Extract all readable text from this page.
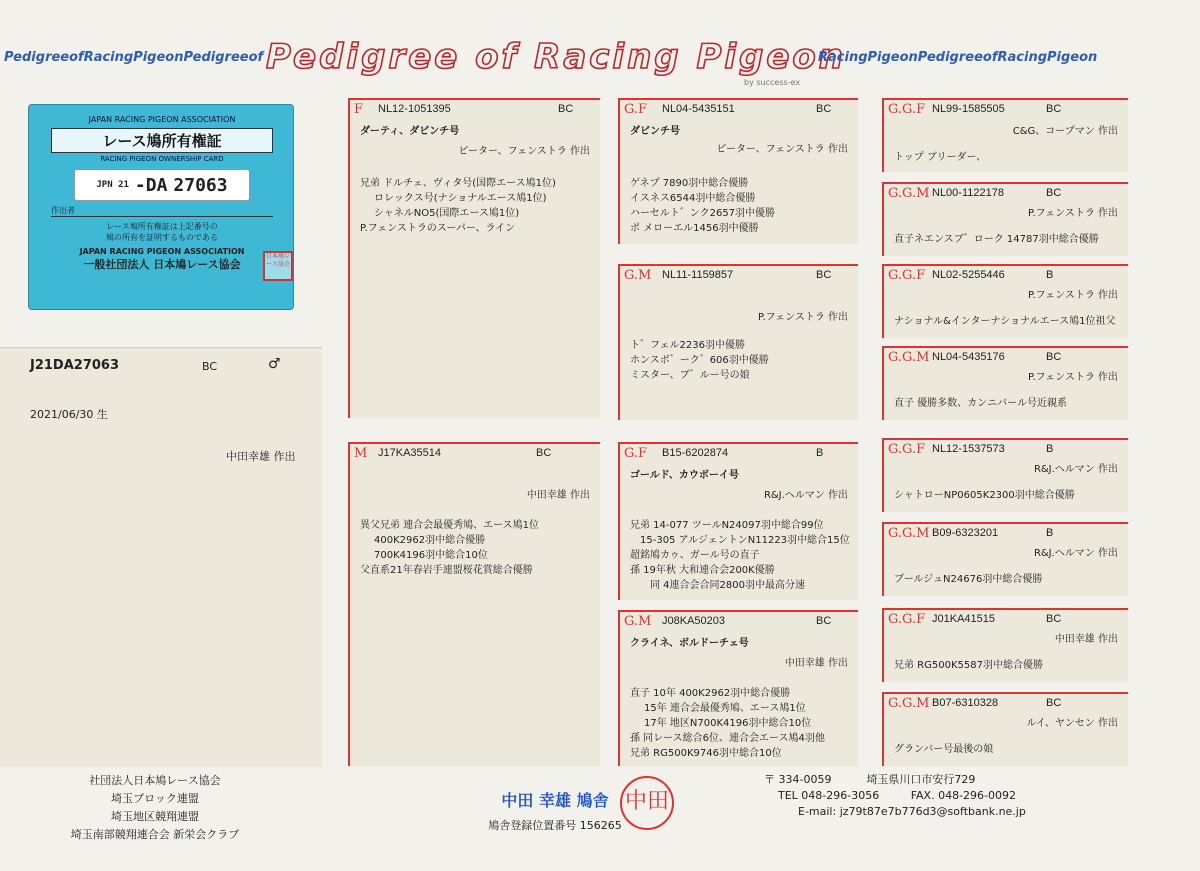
PedigreeofRacingPigeonPedigreeof Pedigree of Racing Pigeon
by success-ex
RacingPigeonPedigreeofRacingPigeon
JAPAN RACING PIGEON ASSOCIATION
レース鳩所有権証
RACING PIGEON OWNERSHIP CARD
JPN 21 -DA 27063
作出者
レース鳩所有権証は上記番号の
鳩の所有を証明するものである
JAPAN RACING PIGEON ASSOCIATION
一般社団法人 日本鳩レース協会
日本鳩レース協会
J21DA27063	BC	♂
2021/06/30 生
中田幸雄 作出
F NL12-1051395	BC
ダーティ、ダビンチ号
ピーター、フェンストラ 作出
兄弟 ドルチェ、ヴィタ号(国際エース鳩1位)
ロレックス号(ナショナルエース鳩1位)
シャネルNO5(国際エース鳩1位)
P.フェンストラのスーパー、ライン
M J17KA35514	BC
中田幸雄 作出
異父兄弟 連合会最優秀鳩、エース鳩1位
400K2962羽中総合優勝
700K4196羽中総合10位
父直系21年春岩手連盟桜花賞総合優勝
G.F NL04-5435151	BC
ダビンチ号
ピーター、フェンストラ 作出
ゲネプ 7890羽中総合優勝
イスネス6544羽中総合優勝
ハーセルト゛ンク2657羽中優勝
ポ メローエル1456羽中優勝
G.M NL11-1159857	BC
P.フェンストラ 作出
ト゛フェル2236羽中優勝
ホンスボ゛ーク゛606羽中優勝
ミスター、ブ゛ルー号の娘
G.F B15-6202874	B
ゴールド、カウボーイ号
R&J.ヘルマン 作出
兄弟 14-077 ツールN24097羽中総合99位
15-305 アルジェントンN11223羽中総合15位
超銘鳩カゥ、ガール号の直子
孫 19年秋 大和連合会200K優勝
同 4連合会合同2800羽中最高分速
G.M J08KA50203	BC
クライネ、ボルドーチェ号
中田幸雄 作出
直子 10年 400K2962羽中総合優勝
15年 連合会最優秀鳩、エース鳩1位
17年 地区N700K4196羽中総合10位
孫 同レース総合6位、連合会エース鳩4羽他
兄弟 RG500K9746羽中総合10位
G.G.F NL99-1585505	BC
C&G、コープマン 作出
トップ ブリーダー、
G.G.M NL00-1122178	BC
P.フェンストラ 作出
直子ネエンスブ゛ローク 14787羽中総合優勝
G.G.F NL02-5255446	B
P.フェンストラ 作出
ナショナル&インターナショナルエース鳩1位祖父
G.G.M NL04-5435176	BC
P.フェンストラ 作出
直子 優勝多数、カンニバール号近親系
G.G.F NL12-1537573	B
R&J.ヘルマン 作出
シャトローNP0605K2300羽中総合優勝
G.G.M B09-6323201	B
R&J.ヘルマン 作出
ブールジュN24676羽中総合優勝
G.G.F J01KA41515	BC
中田幸雄 作出
兄弟 RG500K5587羽中総合優勝
G.G.M B07-6310328	BC
ルイ、ヤンセン 作出
グランバー号最後の娘
社団法人日本鳩レース協会
埼玉ブロック連盟
埼玉地区競翔連盟
埼玉南部競翔連合会 新栄会クラブ
中田 幸雄 鳩舎
鳩舎登録位置番号 156265
中田
〒 334-0059	埼玉県川口市安行729
TEL 048-296-3056	FAX. 048-296-0092
E-mail: jz79t87e7b776d3@softbank.ne.jp
